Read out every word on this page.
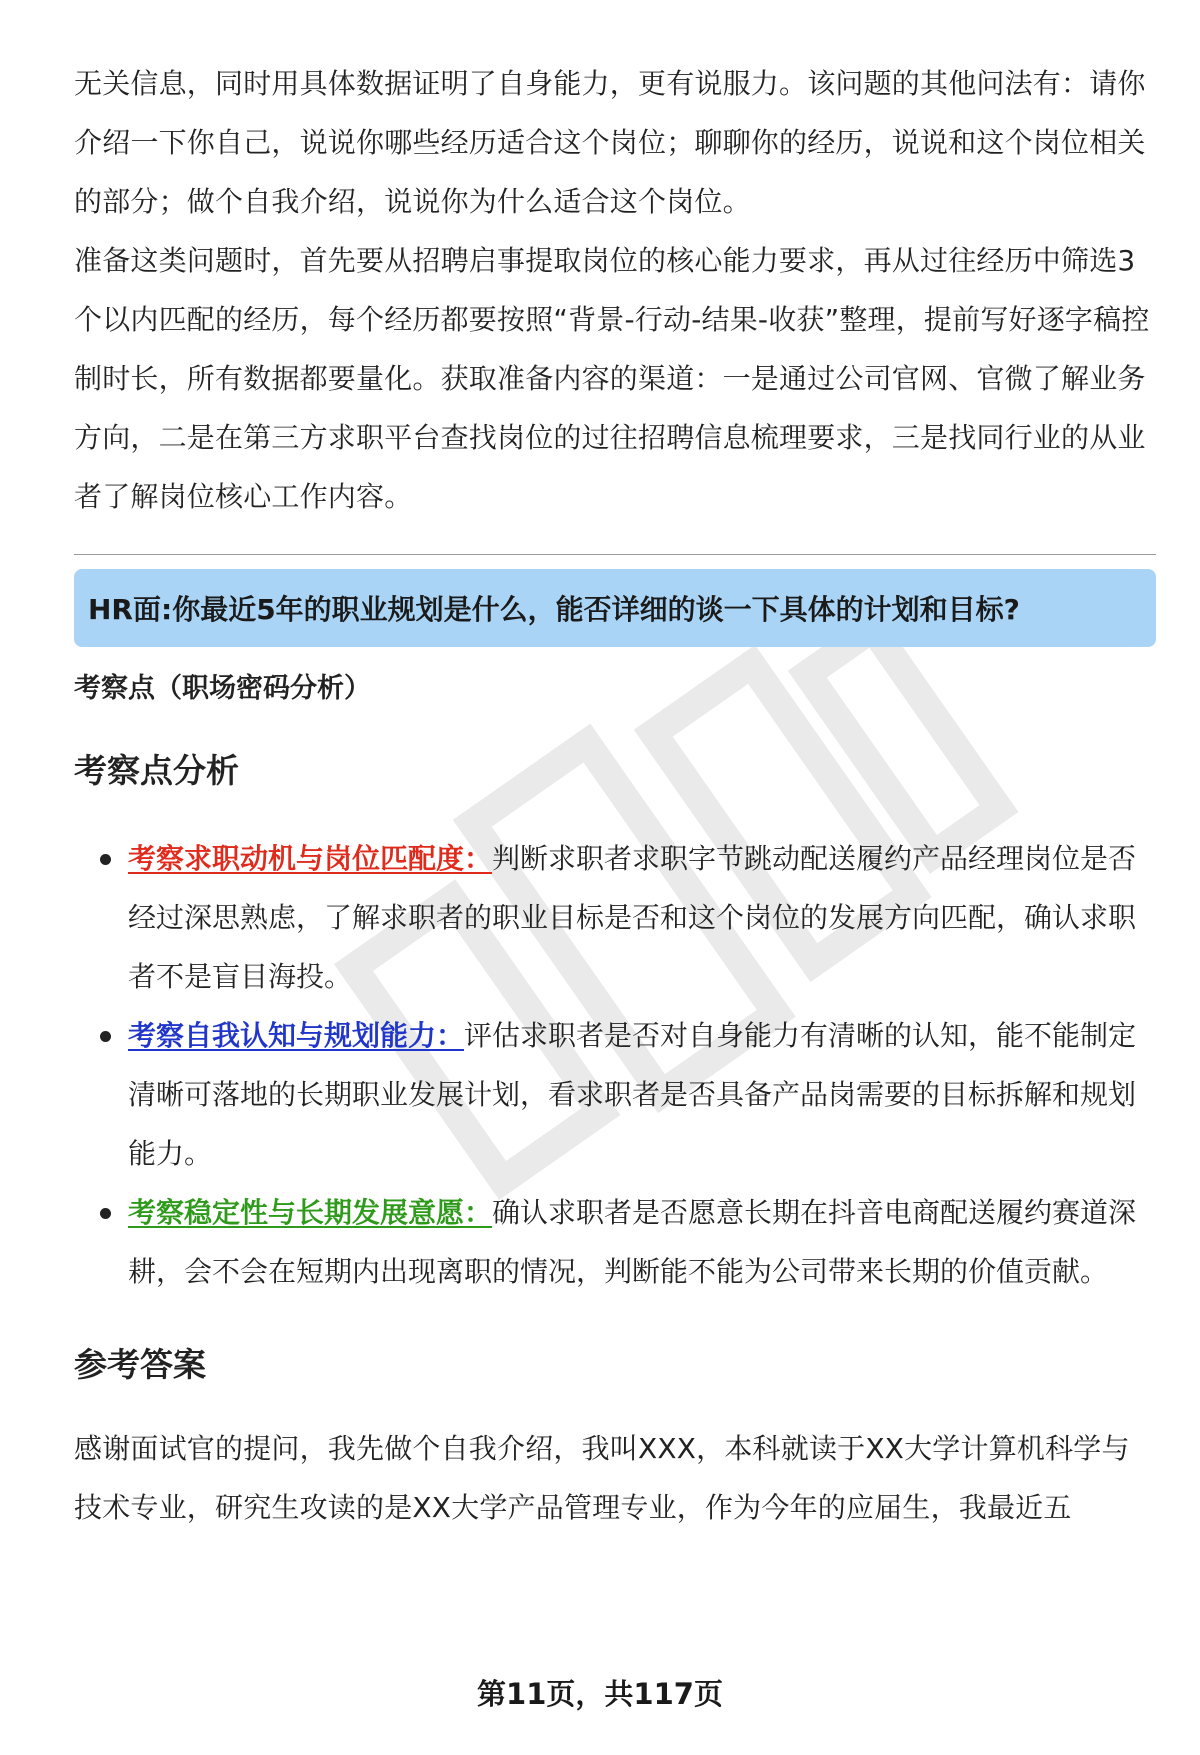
无关信息，同时用具体数据证明了自身能力，更有说服力。该问题的其他问法有：请你介绍一下你自己，说说你哪些经历适合这个岗位；聊聊你的经历，说说和这个岗位相关的部分；做个自我介绍，说说你为什么适合这个岗位。

准备这类问题时，首先要从招聘启事提取岗位的核心能力要求，再从过往经历中筛选3个以内匹配的经历，每个经历都要按照“背景-行动-结果-收获”整理，提前写好逐字稿控制时长，所有数据都要量化。获取准备内容的渠道：一是通过公司官网、官微了解业务方向，二是在第三方求职平台查找岗位的过往招聘信息梳理要求，三是找同行业的从业者了解岗位核心工作内容。

HR面:你最近5年的职业规划是什么，能否详细的谈一下具体的计划和目标?
考察点（职场密码分析）
考察点分析
考察求职动机与岗位匹配度：判断求职者求职字节跳动配送履约产品经理岗位是否经过深思熟虑，了解求职者的职业目标是否和这个岗位的发展方向匹配，确认求职者不是盲目海投。
考察自我认知与规划能力：评估求职者是否对自身能力有清晰的认知，能不能制定清晰可落地的长期职业发展计划，看求职者是否具备产品岗需要的目标拆解和规划能力。
考察稳定性与长期发展意愿：确认求职者是否愿意长期在抖音电商配送履约赛道深耕，会不会在短期内出现离职的情况，判断能不能为公司带来长期的价值贡献。
参考答案

感谢面试官的提问，我先做个自我介绍，我叫XXX，本科就读于XX大学计算机科学与技术专业，研究生攻读的是XX大学产品管理专业，作为今年的应届生，我最近五

第11页，共117页
